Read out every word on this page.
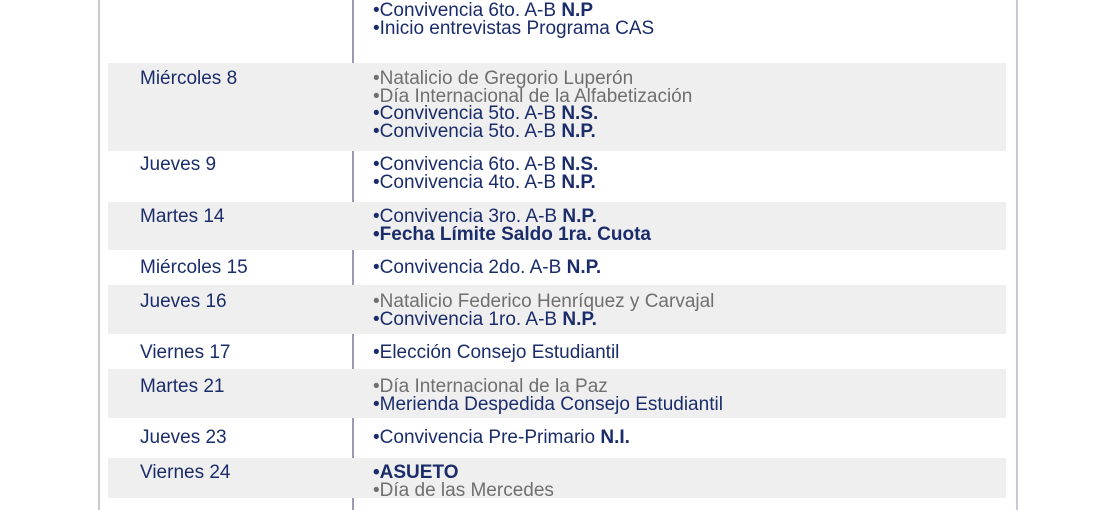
•Convivencia 6to. A-B N.P
•Inicio entrevistas Programa CAS
Miércoles 8	•Natalicio de Gregorio Luperón
•Día Internacional de la Alfabetización
•Convivencia 5to. A-B N.S.
•Convivencia 5to. A-B N.P.
Jueves 9	•Convivencia 6to. A-B N.S.
•Convivencia 4to. A-B N.P.
Martes 14	•Convivencia 3ro. A-B N.P.
•Fecha Límite Saldo 1ra. Cuota
Miércoles 15	•Convivencia 2do. A-B N.P.
Jueves 16	•Natalicio Federico Henríquez y Carvajal
•Convivencia 1ro. A-B N.P.
Viernes 17	•Elección Consejo Estudiantil
Martes 21	•Día Internacional de la Paz
•Merienda Despedida Consejo Estudiantil
Jueves 23	•Convivencia Pre-Primario N.I.
Viernes 24	•ASUETO
•Día de las Mercedes
